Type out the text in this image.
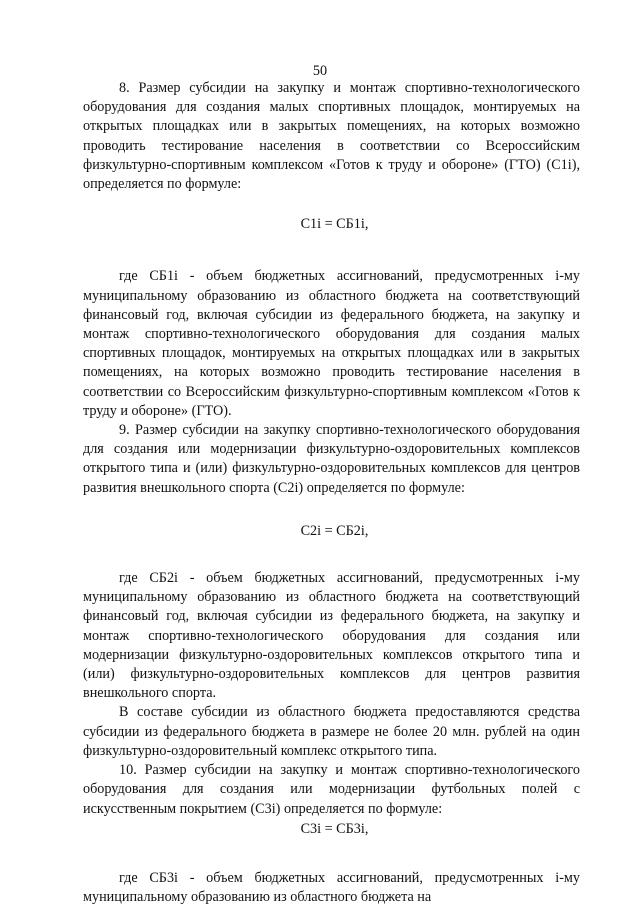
50

8. Размер субсидии на закупку и монтаж спортивно-технологического оборудования для создания малых спортивных площадок, монтируемых на открытых площадках или в закрытых помещениях, на которых возможно проводить тестирование населения в соответствии со Всероссийским физкультурно-спортивным комплексом «Готов к труду и обороне» (ГТО) (С1i), определяется по формуле:

С1i = СБ1i,

где СБ1i - объем бюджетных ассигнований, предусмотренных i-му муниципальному образованию из областного бюджета на соответствующий финансовый год, включая субсидии из федерального бюджета, на закупку и монтаж спортивно-технологического оборудования для создания малых спортивных площадок, монтируемых на открытых площадках или в закрытых помещениях, на которых возможно проводить тестирование населения в соответствии со Всероссийским физкультурно-спортивным комплексом «Готов к труду и обороне» (ГТО).

9. Размер субсидии на закупку спортивно-технологического оборудования для создания или модернизации физкультурно-оздоровительных комплексов открытого типа и (или) физкультурно-оздоровительных комплексов для центров развития внешкольного спорта (С2i) определяется по формуле:

С2i = СБ2i,

где СБ2i - объем бюджетных ассигнований, предусмотренных i-му муниципальному образованию из областного бюджета на соответствующий финансовый год, включая субсидии из федерального бюджета, на закупку и монтаж спортивно-технологического оборудования для создания или модернизации физкультурно-оздоровительных комплексов открытого типа и (или) физкультурно-оздоровительных комплексов для центров развития внешкольного спорта.

В составе субсидии из областного бюджета предоставляются средства субсидии из федерального бюджета в размере не более 20 млн. рублей на один физкультурно-оздоровительный комплекс открытого типа.

10. Размер субсидии на закупку и монтаж спортивно-технологического оборудования для создания или модернизации футбольных полей с искусственным покрытием (С3i) определяется по формуле:

С3i = СБ3i,

где СБ3i - объем бюджетных ассигнований, предусмотренных i-му муниципальному образованию из областного бюджета на
